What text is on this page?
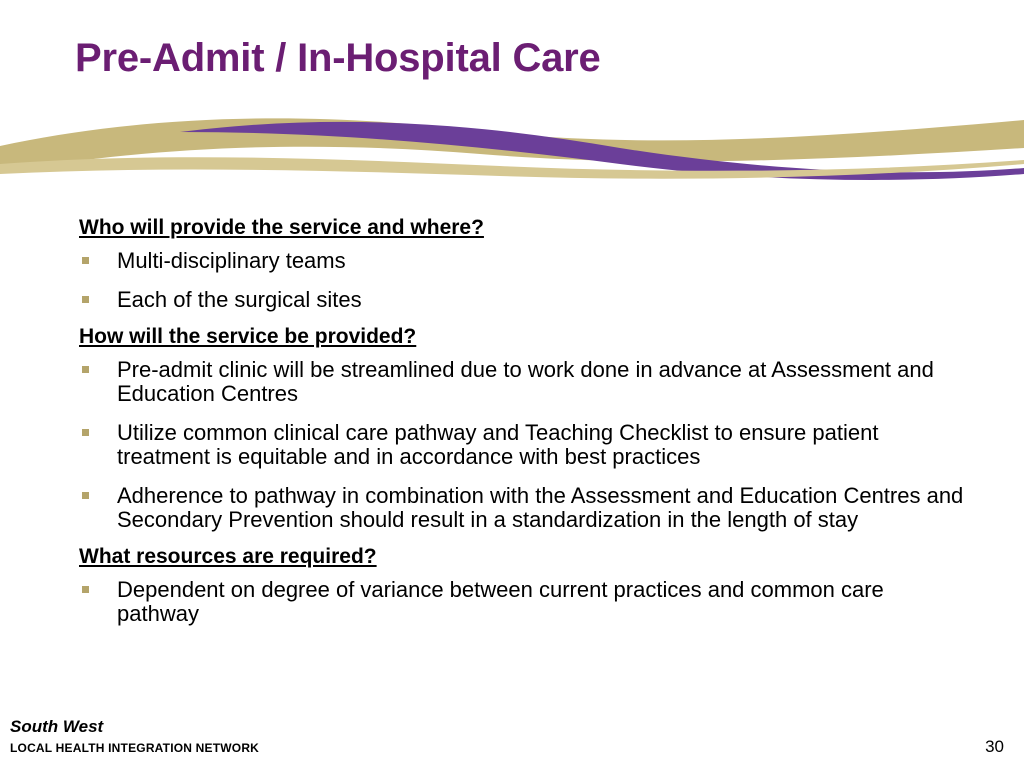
Pre-Admit / In-Hospital Care

Who will provide the service and where?

Multi-disciplinary teams
Each of the surgical sites

How will the service be provided?

Pre-admit clinic will be streamlined due to work done in advance at Assessment and Education Centres
Utilize common clinical care pathway and Teaching Checklist to ensure patient treatment is equitable and in accordance with best practices
Adherence to pathway in combination with the Assessment and Education Centres and Secondary Prevention should result in a standardization in the length of stay

What resources are required?

Dependent on degree of variance between current practices and common care pathway
South West
LOCAL HEALTH INTEGRATION NETWORK	30
